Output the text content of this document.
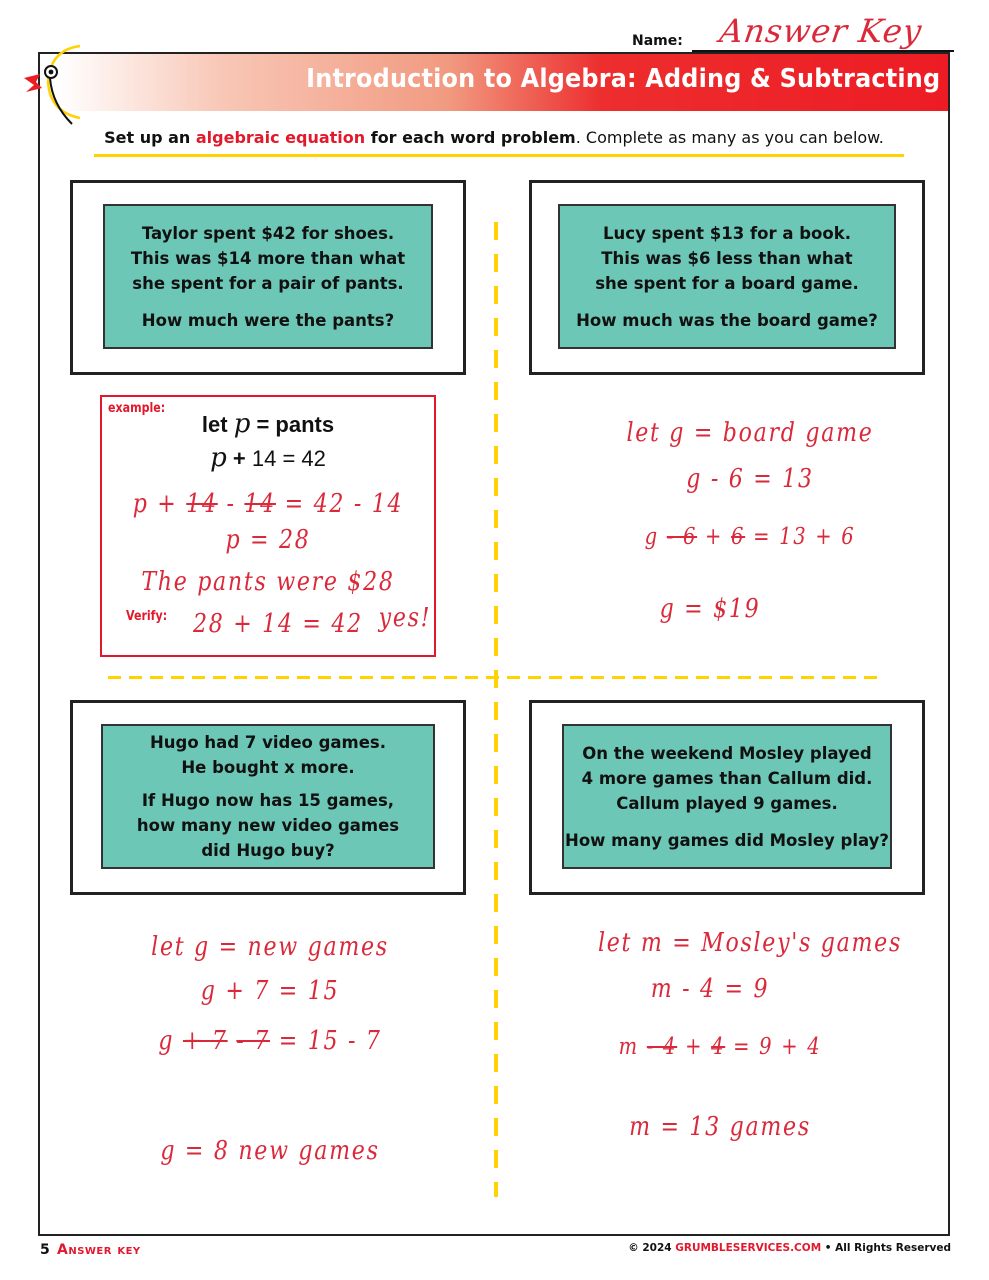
Name: Answer Key
Introduction to Algebra: Adding & Subtracting
Set up an algebraic equation for each word problem. Complete as many as you can below.
Taylor spent $42 for shoes.
This was $14 more than what
she spent for a pair of pants.
How much were the pants?
Lucy spent $13 for a book.
This was $6 less than what
she spent for a board game.
How much was the board game?
Hugo had 7 video games.
He bought x more.
If Hugo now has 15 games,
how many new video games
did Hugo buy?
On the weekend Mosley played
4 more games than Callum did.
Callum played 9 games.
How many games did Mosley play?
example:
let p = pants
p + 14 = 42
p + 14 - 14 = 42 - 14
p = 28
The pants were $28
Verify: 28 + 14 = 42 yes!
let g = board game
g - 6 = 13
g - 6 + 6 = 13 + 6
g = $19
let g = new games
g + 7 = 15
g + 7 - 7 = 15 - 7
g = 8 new games
let m = Mosley's games
m - 4 = 9
m - 4 + 4 = 9 + 4
m = 13 games
5 Answer key	© 2024 GRUMBLESERVICES.COM • All Rights Reserved
